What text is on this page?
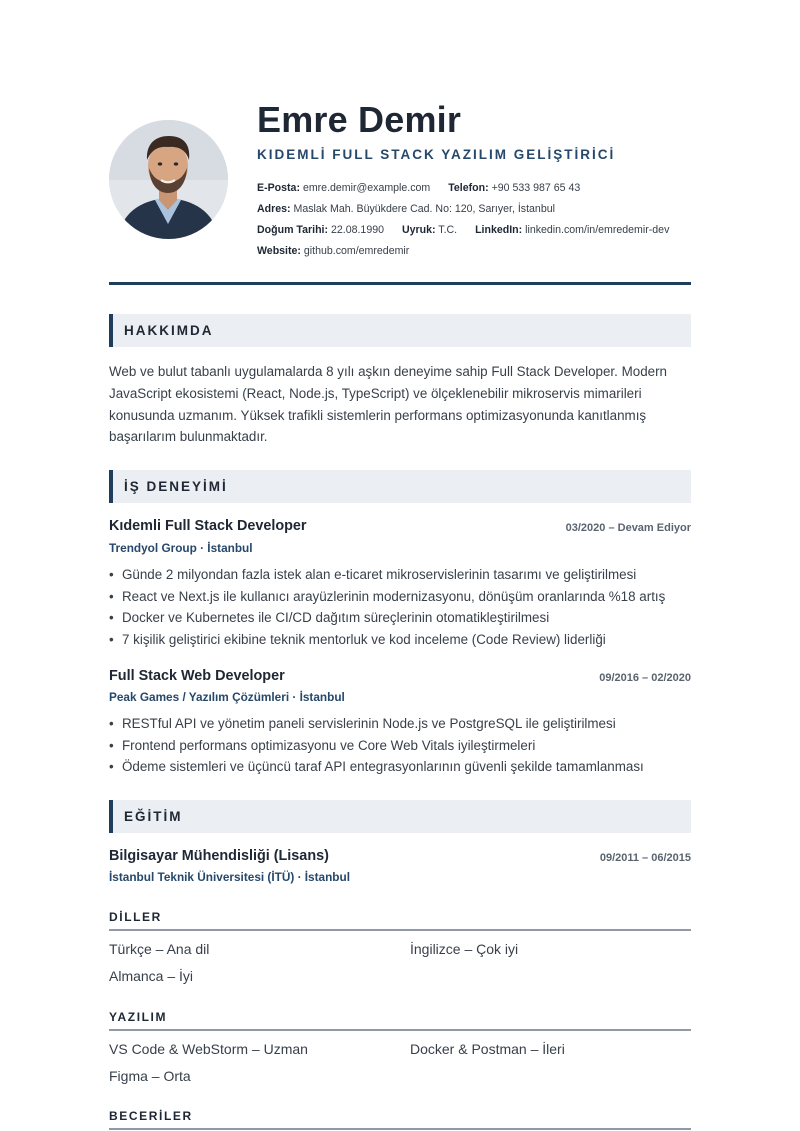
Emre Demir
KIDEMLİ FULL STACK YAZILIM GELİŞTİRİCİ
E-Posta: emre.demir@example.com Telefon: +90 533 987 65 43
Adres: Maslak Mah. Büyükdere Cad. No: 120, Sarıyer, İstanbul
Doğum Tarihi: 22.08.1990 Uyruk: T.C. LinkedIn: linkedin.com/in/emredemir-dev
Website: github.com/emredemir
HAKKIMDA
Web ve bulut tabanlı uygulamalarda 8 yılı aşkın deneyime sahip Full Stack Developer. Modern JavaScript ekosistemi (React, Node.js, TypeScript) ve ölçeklenebilir mikroservis mimarileri konusunda uzmanım. Yüksek trafikli sistemlerin performans optimizasyonunda kanıtlanmış başarılarım bulunmaktadır.
İŞ DENEYİMİ
Kıdemli Full Stack Developer	03/2020 – Devam Ediyor
Trendyol Group · İstanbul
• Günde 2 milyondan fazla istek alan e-ticaret mikroservislerinin tasarımı ve geliştirilmesi
• React ve Next.js ile kullanıcı arayüzlerinin modernizasyonu, dönüşüm oranlarında %18 artış
• Docker ve Kubernetes ile CI/CD dağıtım süreçlerinin otomatikleştirilmesi
• 7 kişilik geliştirici ekibine teknik mentorluk ve kod inceleme (Code Review) liderliği
Full Stack Web Developer	09/2016 – 02/2020
Peak Games / Yazılım Çözümleri · İstanbul
• RESTful API ve yönetim paneli servislerinin Node.js ve PostgreSQL ile geliştirilmesi
• Frontend performans optimizasyonu ve Core Web Vitals iyileştirmeleri
• Ödeme sistemleri ve üçüncü taraf API entegrasyonlarının güvenli şekilde tamamlanması
EĞİTİM
Bilgisayar Mühendisliği (Lisans)	09/2011 – 06/2015
İstanbul Teknik Üniversitesi (İTÜ) · İstanbul
DİLLER
Türkçe – Ana dil	İngilizce – Çok iyi
Almanca – İyi
YAZILIM
VS Code & WebStorm – Uzman	Docker & Postman – İleri
Figma – Orta
BECERİLER
